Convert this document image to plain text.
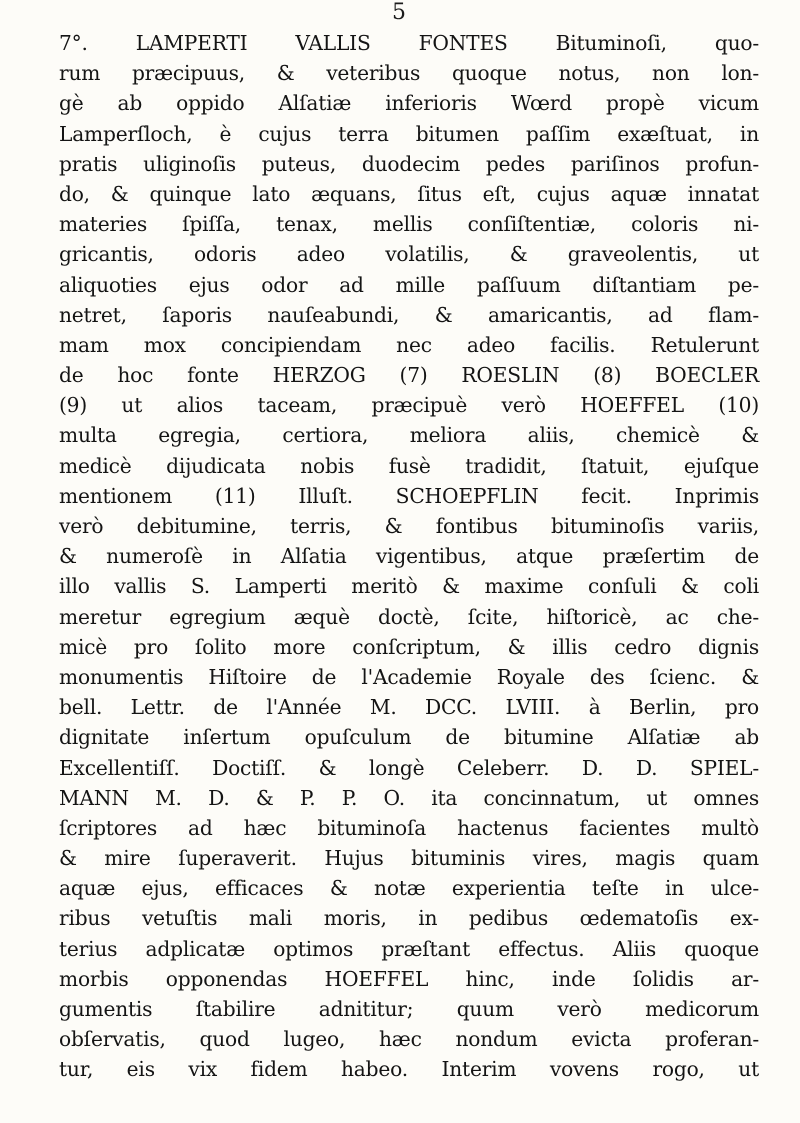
5
7°. LAMPERTI VALLIS FONTES Bituminoſi, quo-
rum præcipuus, & veteribus quoque notus, non lon-
gè ab oppido Alſatiæ inferioris Wœrd propè vicum
Lamperſloch, è cujus terra bitumen paſſim exæſtuat, in
pratis uliginoſis puteus, duodecim pedes pariſinos profun-
do, & quinque lato æquans, ſitus eſt, cujus aquæ innatat
materies ſpiſſa, tenax, mellis conſiſtentiæ, coloris ni-
gricantis, odoris adeo volatilis, & graveolentis, ut
aliquoties ejus odor ad mille paſſuum diſtantiam pe-
netret, ſaporis nauſeabundi, & amaricantis, ad flam-
mam mox concipiendam nec adeo facilis. Retulerunt
de hoc fonte HERZOG (7) ROESLIN (8) BOECLER
(9) ut alios taceam, præcipuè verò HOEFFEL (10)
multa egregia, certiora, meliora aliis, chemicè &
medicè dijudicata nobis fusè tradidit, ſtatuit, ejuſque
mentionem (11) Illuſt. SCHOEPFLIN fecit. Inprimis
verò debitumine, terris, & fontibus bituminoſis variis,
& numeroſè in Alſatia vigentibus, atque præſertim de
illo vallis S. Lamperti meritò & maxime conſuli & coli
meretur egregium æquè doctè, ſcite, hiſtoricè, ac che-
micè pro ſolito more conſcriptum, & illis cedro dignis
monumentis Hiſtoire de l'Academie Royale des ſcienc. &
bell. Lettr. de l'Année M. DCC. LVIII. à Berlin, pro
dignitate inſertum opuſculum de bitumine Alſatiæ ab
Excellentiſſ. Doctiſſ. & longè Celeberr. D. D. SPIEL-
MANN M. D. & P. P. O. ita concinnatum, ut omnes
ſcriptores ad hæc bituminoſa hactenus facientes multò
& mire ſuperaverit. Hujus bituminis vires, magis quam
aquæ ejus, efficaces & notæ experientia teſte in ulce-
ribus vetuſtis mali moris, in pedibus œdematoſis ex-
terius adplicatæ optimos præſtant effectus. Aliis quoque
morbis opponendas HOEFFEL hinc, inde ſolidis ar-
gumentis ſtabilire adnititur; quum verò medicorum
obſervatis, quod lugeo, hæc nondum evicta proferan-
tur, eis vix fidem habeo. Interim vovens rogo, ut
